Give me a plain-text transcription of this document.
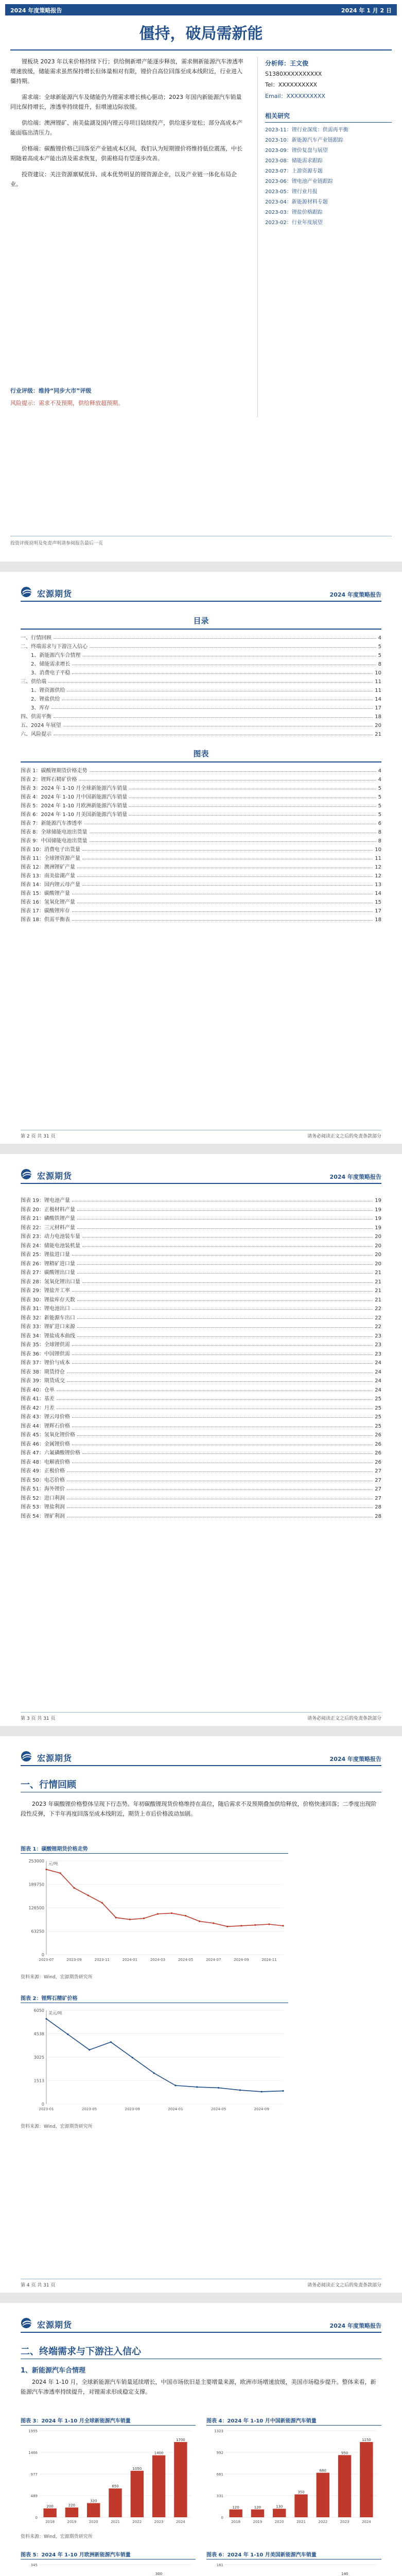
2024 年度策略报告	2024 年 1 月 2 日
僵持，破局需新能
锂板块 2023 年以来价格持续下行；供给侧新增产能逐步释放，需求侧新能源汽车渗透率增速放缓，储能需求虽然保持增长但体量相对有限，锂价自高位回落至成本线附近，行业进入僵持期。
需求端：全球新能源汽车及储能仍为锂需求增长核心驱动；2023 年国内新能源汽车销量同比保持增长，渗透率持续提升，但增速边际放缓。
供给端：澳洲锂矿、南美盐湖及国内锂云母项目陆续投产，供给逐步宽松；部分高成本产能面临出清压力。
价格端：碳酸锂价格已回落至产业链成本区间，我们认为短期锂价将维持低位震荡，中长期随着高成本产能出清及需求恢复，供需格局有望逐步改善。
投资建议：关注资源禀赋优异、成本优势明显的锂资源企业，以及产业链一体化布局企业。
行业评级：维持“同步大市”评级
风险提示：需求不及预期，供给释放超预期。
分析师：王文俊
S1380XXXXXXXXXX
Tel：XXXXXXXXXX
Email：XXXXXXXXXX
相关研究
2023-11：锂行业深度：供需再平衡
2023-10：新能源汽车产业链跟踪
2023-09：锂价复盘与展望
2023-08：储能需求跟踪
2023-07：上游资源专题
2023-06：锂电池产业链跟踪
2023-05：锂行业月报
2023-04：新能源材料专题
2023-03：锂盐价格跟踪
2023-02：行业年度展望
投资评级说明及免责声明请参阅报告最后一页
宏源期货	2024 年度策略报告
目录
一、行情回顾	4
二、终端需求与下游注入信心	5
1、新能源汽车合情理	5
2、储能需求增长	8
3、消费电子平稳	10
三、供给端	11
1、锂资源供给	11
2、锂盐供给	14
3、库存	17
四、供需平衡	18
五、2024 年展望	20
六、风险提示	21
图表
图表 1：碳酸锂期货价格走势	4
图表 2：锂辉石精矿价格	4
图表 3：2024 年 1-10 月全球新能源汽车销量	5
图表 4：2024 年 1-10 月中国新能源汽车销量	5
图表 5：2024 年 1-10 月欧洲新能源汽车销量	5
图表 6：2024 年 1-10 月美国新能源汽车销量	5
图表 7：新能源汽车渗透率	6
图表 8：全球储能电池出货量	8
图表 9：中国储能电池出货量	8
图表 10：消费电子出货量	10
图表 11：全球锂资源产量	11
图表 12：澳洲锂矿产量	12
图表 13：南美盐湖产量	12
图表 14：国内锂云母产量	13
图表 15：碳酸锂产量	14
图表 16：氢氧化锂产量	15
图表 17：碳酸锂库存	17
图表 18：供需平衡表	18
第 2 页 共 31 页	请务必阅读正文之后的免责条款部分
宏源期货	2024 年度策略报告
图表 19：锂电池产量	19
图表 20：正极材料产量	19
图表 21：磷酸铁锂产量	19
图表 22：三元材料产量	19
图表 23：动力电池装车量	20
图表 24：储能电池装机量	20
图表 25：锂盐进口量	20
图表 26：锂精矿进口量	20
图表 27：碳酸锂出口量	21
图表 28：氢氧化锂出口量	21
图表 29：锂盐开工率	21
图表 30：锂盐库存天数	21
图表 31：锂电池出口	22
图表 32：新能源车出口	22
图表 33：锂矿进口来源	22
图表 34：锂盐成本曲线	23
图表 35：全球锂供需	23
图表 36：中国锂供需	23
图表 37：锂价与成本	24
图表 38：期货持仓	24
图表 39：期货成交	24
图表 40：仓单	24
图表 41：基差	25
图表 42：月差	25
图表 43：锂云母价格	25
图表 44：锂辉石价格	25
图表 45：氢氧化锂价格	26
图表 46：金属锂价格	26
图表 47：六氟磷酸锂价格	26
图表 48：电解液价格	26
图表 49：正极价格	27
图表 50：电芯价格	27
图表 51：海外锂价	27
图表 52：进口利润	27
图表 53：锂盐利润	28
图表 54：锂矿利润	28
第 3 页 共 31 页	请务必阅读正文之后的免责条款部分
宏源期货	2024 年度策略报告
一、行情回顾
2023 年碳酸锂价格整体呈现下行态势。年初碳酸锂现货价格维持在高位，随后需求不及预期叠加供给释放，价格快速回落；二季度出现阶段性反弹，下半年再度回落至成本线附近，期货上市后价格波动加剧。
图表 1：碳酸锂期货价格走势
0
63250
126500
189750
253000
2023-07	2023-09	2023-11	2024-01	2024-03	2024-05	2024-07	2024-09	2024-11
元/吨
资料来源：Wind，宏源期货研究所
图表 2：锂辉石精矿价格
0
1513
3025
4538
6050
2023-01	2023-05	2023-09	2024-01	2024-05	2024-09
美元/吨
资料来源：Wind，宏源期货研究所
第 4 页 共 31 页	请务必阅读正文之后的免责条款部分
宏源期货	2024 年度策略报告
二、终端需求与下游注入信心
1、新能源汽车合情理
2024 年 1-10 月，全球新能源汽车销量延续增长，中国市场依旧是主要增量来源，欧洲市场增速放缓，美国市场稳步提升。整体来看，新能源汽车渗透率持续提升，对锂需求形成稳定支撑。
图表 3：2024 年 1-10 月全球新能源汽车销量
0
489
977
1466
1955
2018
200
2019
220
2020
320
2021
650
2022
1050
2023
1400
2024
1700
图表 4：2024 年 1-10 月中国新能源汽车销量
0
331
661
992
1323
2018
120
2019
120
2020
130
2021
350
2022
680
2023
950
2024
1150
资料来源：Wind，宏源期货研究所
图表 5：2024 年 1-10 月欧洲新能源汽车销量
345
300
图表 6：2024 年 1-10 月美国新能源汽车销量
161
140
